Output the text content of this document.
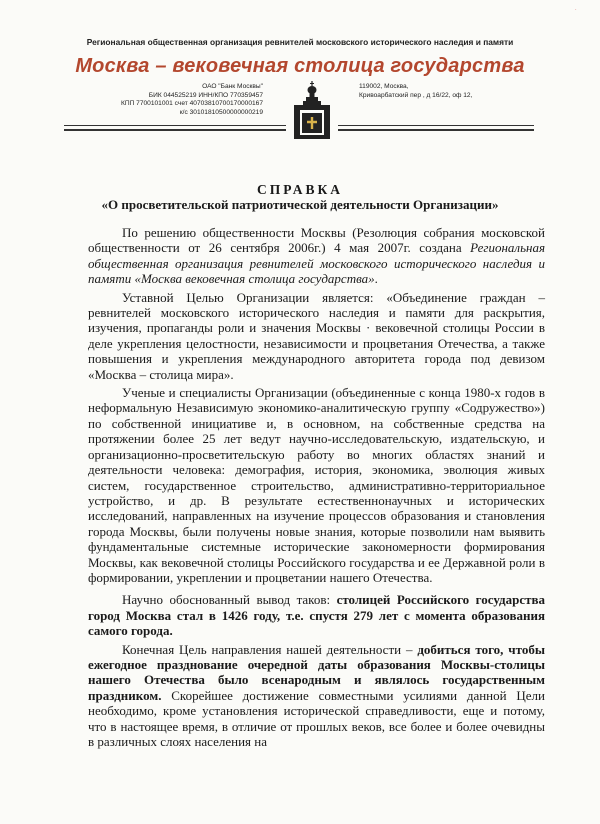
·
Региональная общественная организация ревнителей московского исторического наследия и памяти
Москва – вековечная столица государства
ОАО "Банк Москвы"
БИК 044525219 ИНН/КПО 770359457
КПП 7700101001 счет 40703810700170000167
к/с 30101810500000000219
119002, Москва,
Кривоарбатский пер , д 16/22, оф 12,
СПРАВКА
«О просветительской патриотической деятельности Организации»

По решению общественности Москвы (Резолюция собрания московской общественности от 26 сентября 2006г.) 4 мая 2007г. создана Региональная общественная организация ревнителей московского исторического наследия и памяти «Москва вековечная столица государства».

Уставной Целью Организации является: «Объединение граждан – ревнителей московского исторического наследия и памяти для раскрытия, изучения, пропаганды роли и значения Москвы · вековечной столицы России в деле укрепления целостности, независимости и процветания Отечества, а также повышения и укрепления международного авторитета города под девизом «Москва – столица мира».

Ученые и специалисты Организации (объединенные с конца 1980-х годов в неформальную Независимую экономико-аналитическую группу «Содружество») по собственной инициативе и, в основном, на собственные средства на протяжении более 25 лет ведут научно-исследовательскую, издательскую, и организационно-просветительскую работу во многих областях знаний и деятельности человека: демография, история, экономика, эволюция живых систем, государственное строительство, административно-территориальное устройство, и др. В результате естественнонаучных и исторических исследований, направленных на изучение процессов образования и становления города Москвы, были получены новые знания, которые позволили нам выявить фундаментальные системные исторические закономерности формирования Москвы, как вековечной столицы Российского государства и ее Державной роли в формировании, укреплении и процветании нашего Отечества.

Научно обоснованный вывод таков: столицей Российского государства город Москва стал в 1426 году, т.е. спустя 279 лет с момента образования самого города.

Конечная Цель направления нашей деятельности – добиться того, чтобы ежегодное празднование очередной даты образования Москвы-столицы нашего Отечества было всенародным и являлось государственным праздником. Скорейшее достижение совместными усилиями данной Цели необходимо, кроме установления исторической справедливости, еще и потому, что в настоящее время, в отличие от прошлых веков, все более и более очевидны в различных слоях населения на
